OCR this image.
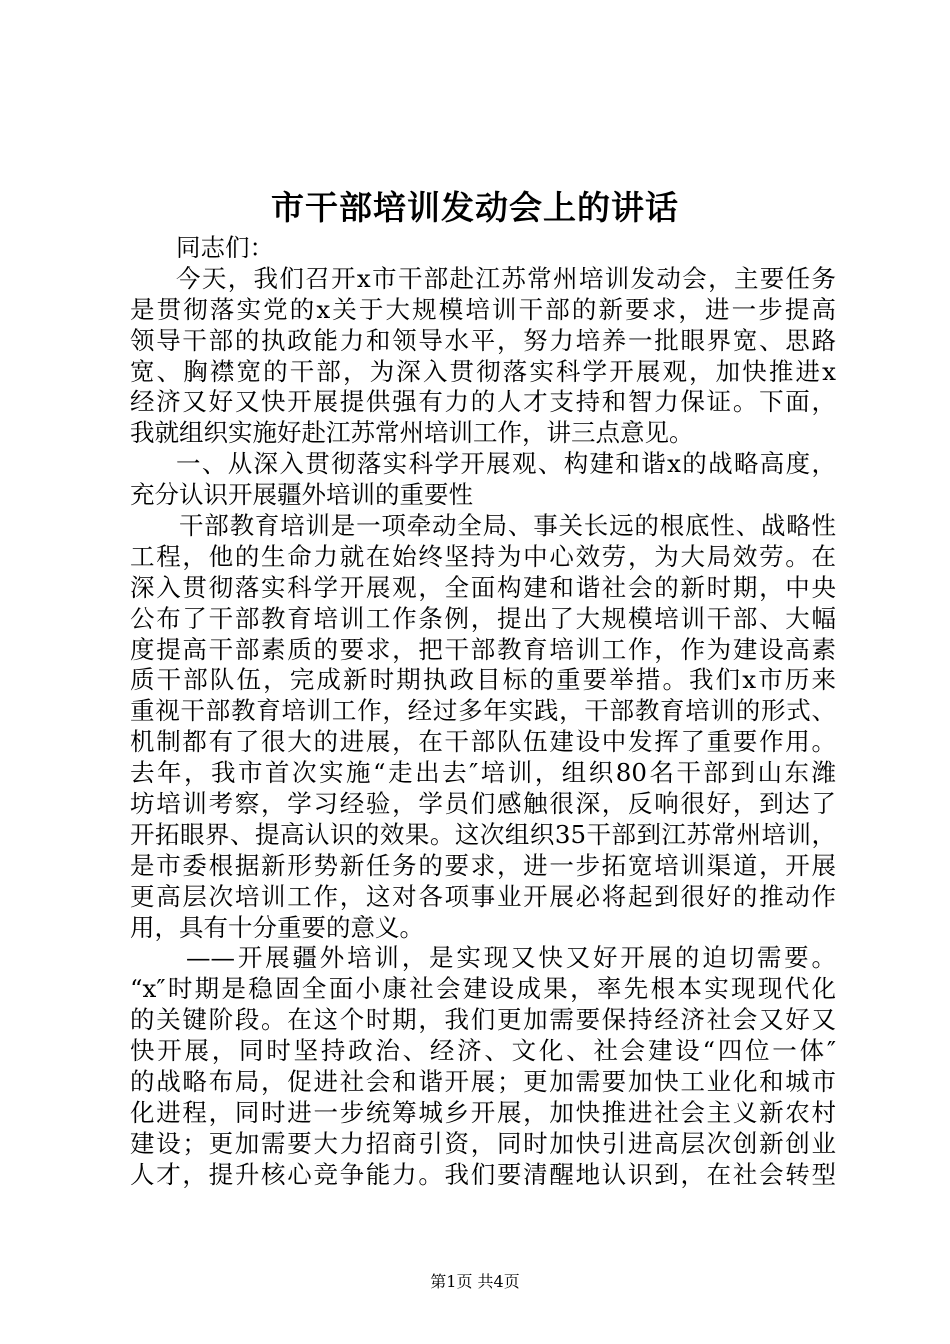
市干部培训发动会上的讲话
同志们：
今天，我们召开x市干部赴江苏常州培训发动会，主要任务
是贯彻落实党的x关于大规模培训干部的新要求，进一步提高
领导干部的执政能力和领导水平，努力培养一批眼界宽、思路
宽、胸襟宽的干部，为深入贯彻落实科学开展观，加快推进x
经济又好又快开展提供强有力的人才支持和智力保证。下面，
我就组织实施好赴江苏常州培训工作，讲三点意见。
一、从深入贯彻落实科学开展观、构建和谐x的战略高度，
充分认识开展疆外培训的重要性
干部教育培训是一项牵动全局、事关长远的根底性、战略性
工程，他的生命力就在始终坚持为中心效劳，为大局效劳。在
深入贯彻落实科学开展观，全面构建和谐社会的新时期，中央
公布了干部教育培训工作条例，提出了大规模培训干部、大幅
度提高干部素质的要求，把干部教育培训工作，作为建设高素
质干部队伍，完成新时期执政目标的重要举措。我们x市历来
重视干部教育培训工作，经过多年实践，干部教育培训的形式、
机制都有了很大的进展，在干部队伍建设中发挥了重要作用。
去年，我市首次实施“走出去″培训，组织80名干部到山东潍
坊培训考察，学习经验，学员们感触很深，反响很好，到达了
开拓眼界、提高认识的效果。这次组织35干部到江苏常州培训，
是市委根据新形势新任务的要求，进一步拓宽培训渠道，开展
更高层次培训工作，这对各项事业开展必将起到很好的推动作
用，具有十分重要的意义。
——开展疆外培训，是实现又快又好开展的迫切需要。
“x″时期是稳固全面小康社会建设成果，率先根本实现现代化
的关键阶段。在这个时期，我们更加需要保持经济社会又好又
快开展，同时坚持政治、经济、文化、社会建设“四位一体″
的战略布局，促进社会和谐开展；更加需要加快工业化和城市
化进程，同时进一步统筹城乡开展，加快推进社会主义新农村
建设；更加需要大力招商引资，同时加快引进高层次创新创业
人才，提升核心竞争能力。我们要清醒地认识到，在社会转型
第1页 共4页
